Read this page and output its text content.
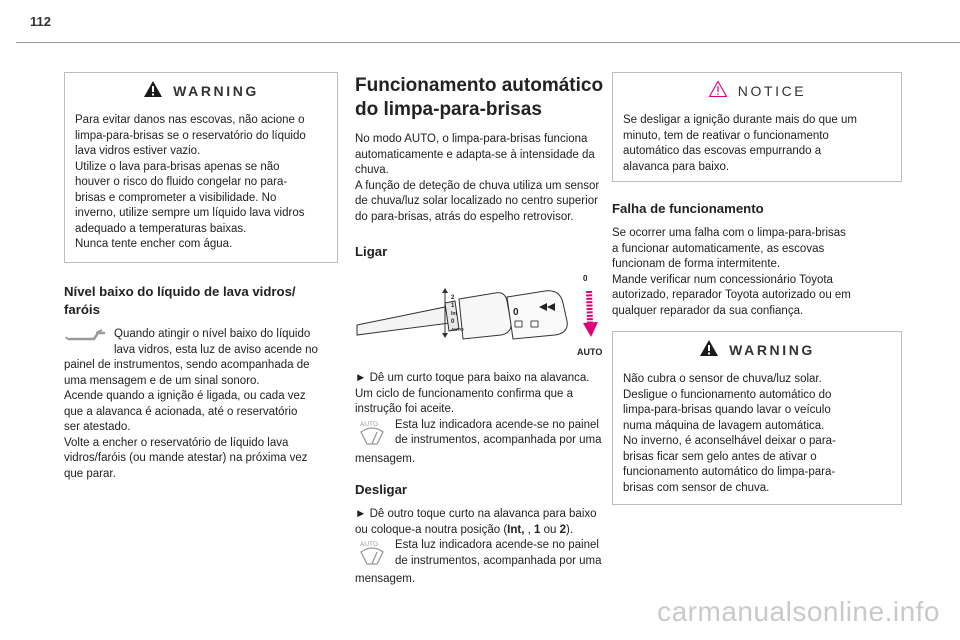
112
WARNING

Para evitar danos nas escovas, não acione o

limpa-para-brisas se o reservatório do líquido

lava vidros estiver vazio.

Utilize o lava para-brisas apenas se não

houver o risco do fluido congelar no para-

brisas e comprometer a visibilidade. No

inverno, utilize sempre um líquido lava vidros

adequado a temperaturas baixas.

Nunca tente encher com água.

Nível baixo do líquido de lava vidros/
faróis

Quando atingir o nível baixo do líquido

lava vidros, esta luz de aviso acende no

painel de instrumentos, sendo acompanhada de

uma mensagem e de um sinal sonoro.

Acende quando a ignição é ligada, ou cada vez

que a alavanca é acionada, até o reservatório

ser atestado.

Volte a encher o reservatório de líquido lava

vidros/faróis (ou mande atestar) na próxima vez

que parar.

Funcionamento automático
do limpa-para-brisas

No modo AUTO, o limpa-para-brisas funciona

automaticamente e adapta-se à intensidade da

chuva.

A função de deteção de chuva utiliza um sensor

de chuva/luz solar localizado no centro superior

do para-brisas, atrás do espelho retrovisor.

Ligar
2
1
Int
0
AUTO
0
0
AUTO

► Dê um curto toque para baixo na alavanca.

Um ciclo de funcionamento confirma que a

instrução foi aceite.

AUTO	Esta luz indicadora acende-se no painel

de instrumentos, acompanhada por uma

mensagem.

Desligar

► Dê outro toque curto na alavanca para baixo

ou coloque-a noutra posição (Int, , 1 ou 2).

AUTO	Esta luz indicadora acende-se no painel

de instrumentos, acompanhada por uma

mensagem.

NOTICE

Se desligar a ignição durante mais do que um

minuto, tem de reativar o funcionamento

automático das escovas empurrando a

alavanca para baixo.

Falha de funcionamento

Se ocorrer uma falha com o limpa-para-brisas

a funcionar automaticamente, as escovas

funcionam de forma intermitente.

Mande verificar num concessionário Toyota

autorizado, reparador Toyota autorizado ou em

qualquer reparador da sua confiança.

WARNING

Não cubra o sensor de chuva/luz solar.

Desligue o funcionamento automático do

limpa-para-brisas quando lavar o veículo

numa máquina de lavagem automática.

No inverno, é aconselhável deixar o para-

brisas ficar sem gelo antes de ativar o

funcionamento automático do limpa-para-

brisas com sensor de chuva.

carmanualsonline.info
